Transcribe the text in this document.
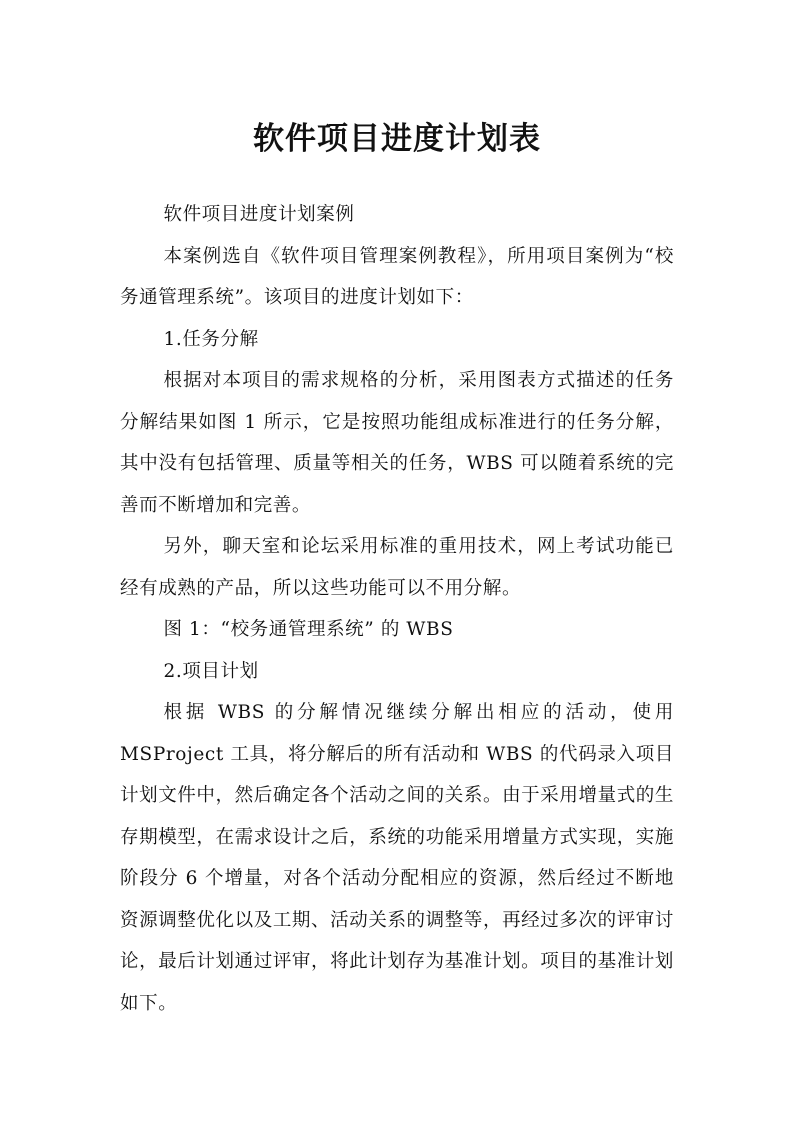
软件项目进度计划表

软件项目进度计划案例

本案例选自《软件项目管理案例教程》，所用项目案例为“校务通管理系统”。该项目的进度计划如下：

1.任务分解

根据对本项目的需求规格的分析，采用图表方式描述的任务分解结果如图 1 所示，它是按照功能组成标准进行的任务分解，其中没有包括管理、质量等相关的任务，WBS 可以随着系统的完善而不断增加和完善。

另外，聊天室和论坛采用标准的重用技术，网上考试功能已经有成熟的产品，所以这些功能可以不用分解。

图 1：“校务通管理系统” 的 WBS

2.项目计划

根据 WBS 的分解情况继续分解出相应的活动，使用 MSProject 工具，将分解后的所有活动和 WBS 的代码录入项目计划文件中，然后确定各个活动之间的关系。由于采用增量式的生存期模型，在需求设计之后，系统的功能采用增量方式实现，实施阶段分 6 个增量，对各个活动分配相应的资源，然后经过不断地资源调整优化以及工期、活动关系的调整等，再经过多次的评审讨论，最后计划通过评审，将此计划存为基准计划。项目的基准计划如下。
